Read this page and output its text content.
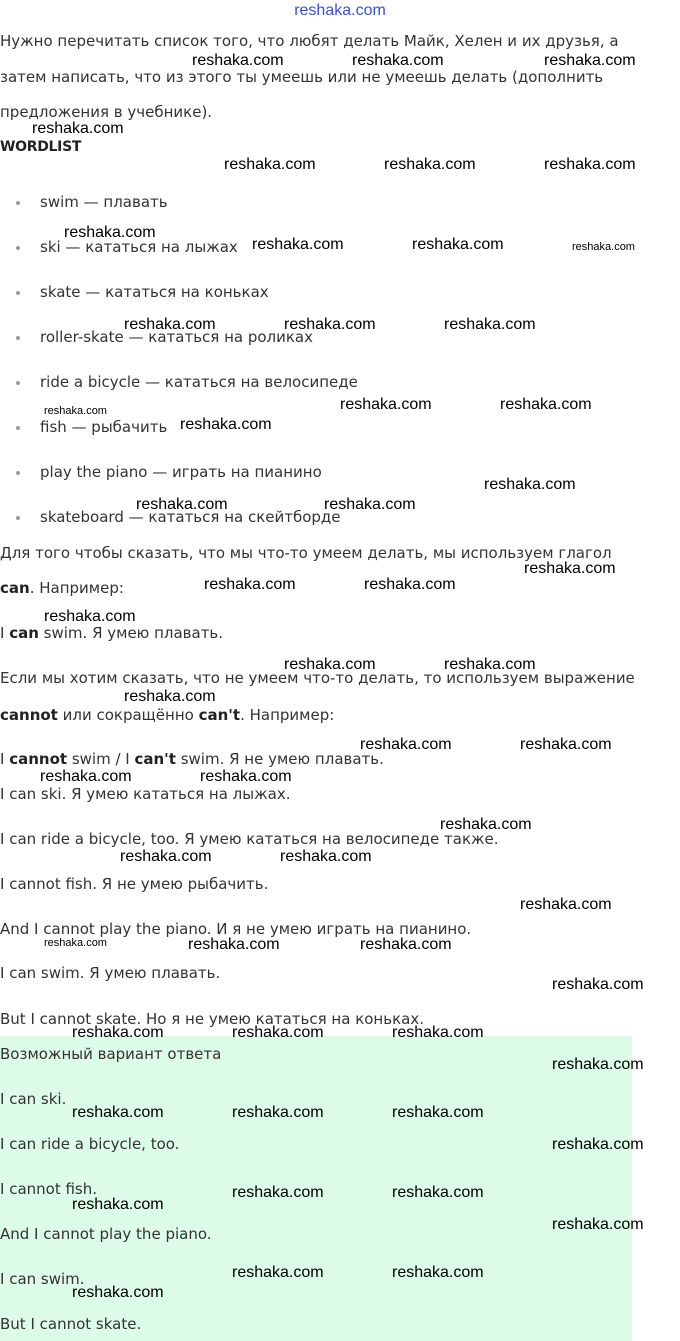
reshaka.com
Нужно перечитать список того, что любят делать Майк, Хелен и их друзья, а
затем написать, что из этого ты умеешь или не умеешь делать (дополнить
предложения в учебнике).
WORDLIST
swim — плавать
ski — кататься на лыжах
skate — кататься на коньках
roller-skate — кататься на роликах
ride a bicycle — кататься на велосипеде
fish — рыбачить
play the piano — играть на пианино
skateboard — кататься на скейтборде
Для того чтобы сказать, что мы что-то умеем делать, мы используем глагол
can. Например:
I can swim. Я умею плавать.
Если мы хотим сказать, что не умеем что-то делать, то используем выражение
cannot или сокращённо can't. Например:
I cannot swim / I can't swim. Я не умею плавать.
I can ski. Я умею кататься на лыжах.
I can ride a bicycle, too. Я умею кататься на велосипеде также.
I cannot fish. Я не умею рыбачить.
And I cannot play the piano. И я не умею играть на пианино.
I can swim. Я умею плавать.
But I cannot skate. Но я не умею кататься на коньках.
Возможный вариант ответа
I can ski.
I can ride a bicycle, too.
I cannot fish.
And I cannot play the piano.
I can swim.
But I cannot skate.
reshaka.com	reshaka.com	reshaka.com
reshaka.com
reshaka.com	reshaka.com	reshaka.com
reshaka.com
reshaka.com	reshaka.com	reshaka.com
reshaka.com	reshaka.com	reshaka.com
reshaka.com	reshaka.com
reshaka.com
reshaka.com
reshaka.com
reshaka.com	reshaka.com
reshaka.com
reshaka.com	reshaka.com
reshaka.com
reshaka.com	reshaka.com
reshaka.com
reshaka.com	reshaka.com
reshaka.com	reshaka.com
reshaka.com
reshaka.com	reshaka.com
reshaka.com
reshaka.com	reshaka.com	reshaka.com
reshaka.com
reshaka.com	reshaka.com	reshaka.com
reshaka.com
reshaka.com	reshaka.com	reshaka.com
reshaka.com
reshaka.com	reshaka.com
reshaka.com
reshaka.com
reshaka.com	reshaka.com
reshaka.com
